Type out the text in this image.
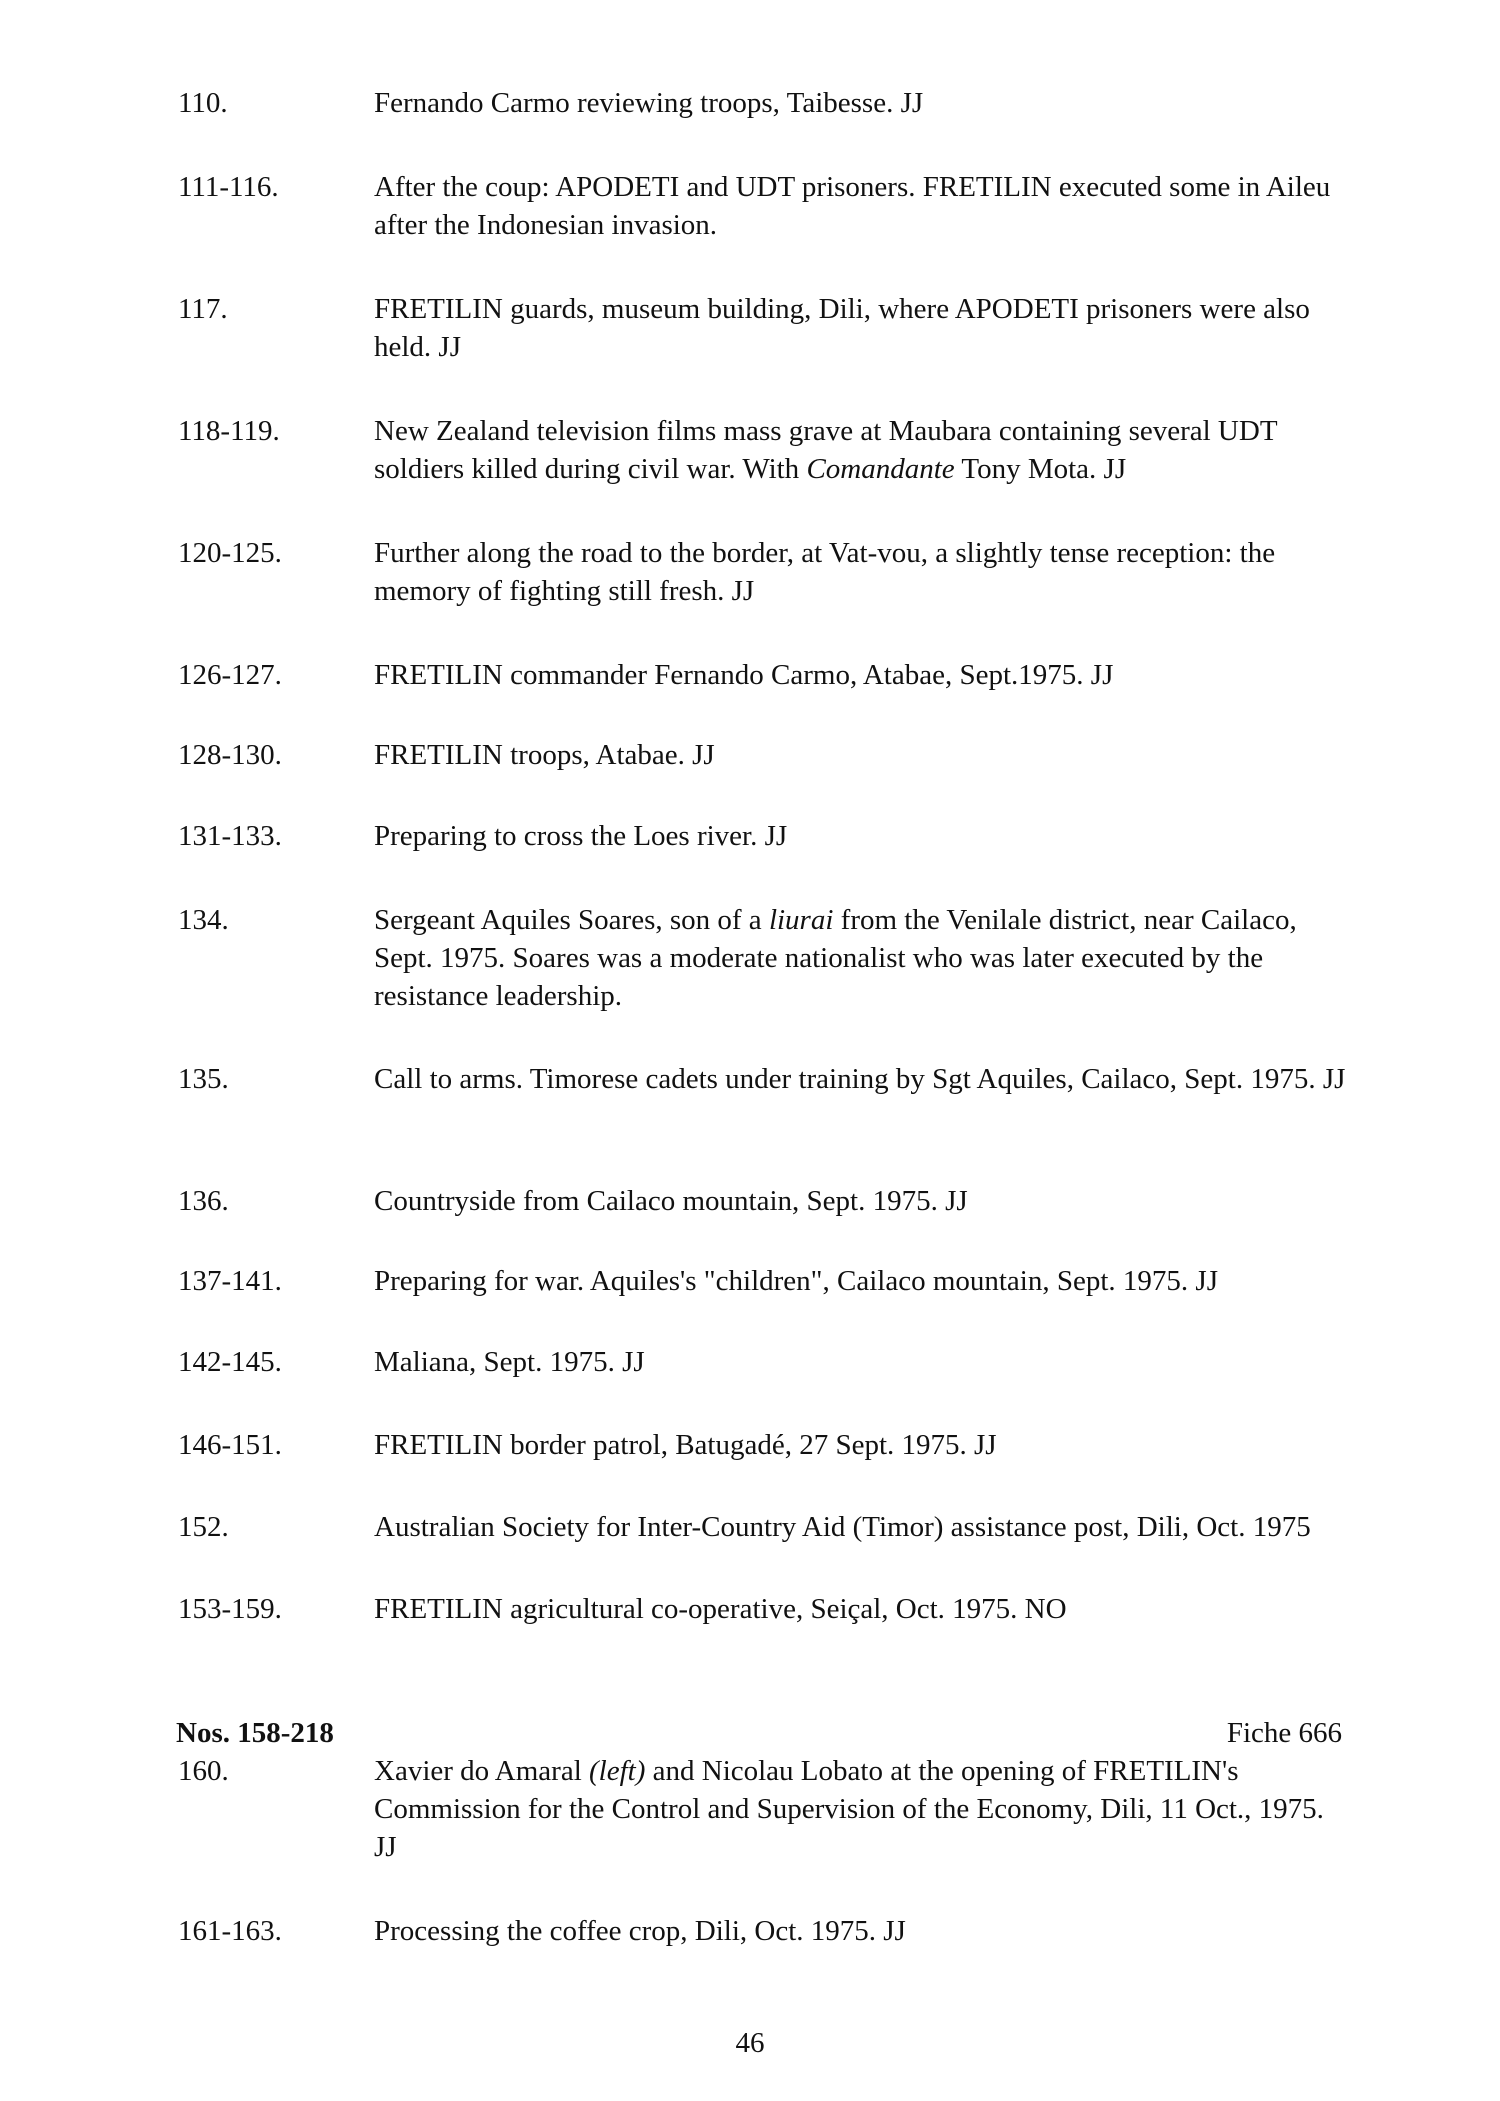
110.	Fernando Carmo reviewing troops, Taibesse. JJ
111-116.	After the coup: APODETI and UDT prisoners. FRETILIN executed some in Aileu after the Indonesian invasion.
117.	FRETILIN guards, museum building, Dili, where APODETI prisoners were also held. JJ
118-119.	New Zealand television films mass grave at Maubara containing several UDT soldiers killed during civil war. With Comandante Tony Mota. JJ
120-125.	Further along the road to the border, at Vat-vou, a slightly tense reception: the memory of fighting still fresh. JJ
126-127.	FRETILIN commander Fernando Carmo, Atabae, Sept.1975. JJ
128-130.	FRETILIN troops, Atabae. JJ
131-133.	Preparing to cross the Loes river. JJ
134.	Sergeant Aquiles Soares, son of a liurai from the Venilale district, near Cailaco, Sept. 1975. Soares was a moderate nationalist who was later executed by the resistance leadership.
135.	Call to arms. Timorese cadets under training by Sgt Aquiles, Cailaco, Sept. 1975. JJ
136.	Countryside from Cailaco mountain, Sept. 1975. JJ
137-141.	Preparing for war. Aquiles's "children", Cailaco mountain, Sept. 1975. JJ
142-145.	Maliana, Sept. 1975. JJ
146-151.	FRETILIN border patrol, Batugadé, 27 Sept. 1975. JJ
152.	Australian Society for Inter-Country Aid (Timor) assistance post, Dili, Oct. 1975
153-159.	FRETILIN agricultural co-operative, Seiçal, Oct. 1975. NO
Nos. 158-218	Fiche 666
160.	Xavier do Amaral (left) and Nicolau Lobato at the opening of FRETILIN's Commission for the Control and Supervision of the Economy, Dili, 11 Oct., 1975. JJ
161-163.	Processing the coffee crop, Dili, Oct. 1975. JJ
46
